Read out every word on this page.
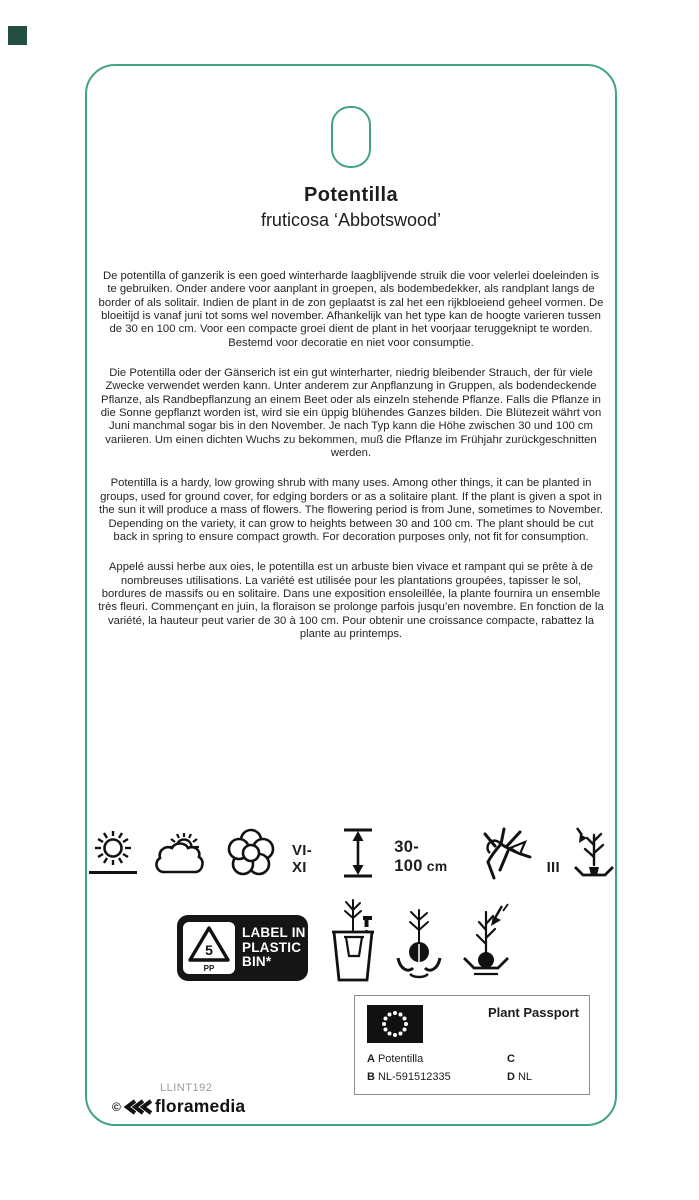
Potentilla
fruticosa ‘Abbotswood’

De potentilla of ganzerik is een goed winterharde laagblijvende struik die voor velerlei doeleinden is te gebruiken. Onder andere voor aanplant in groepen, als bodembedekker, als randplant langs de border of als solitair. Indien de plant in de zon geplaatst is zal het een rijkbloeiend geheel vormen. De bloeitijd is vanaf juni tot soms wel november. Afhankelijk van het type kan de hoogte varieren tussen de 30 en 100 cm. Voor een compacte groei dient de plant in het voorjaar teruggeknipt te worden. Bestemd voor decoratie en niet voor consumptie.

Die Potentilla oder der Gänserich ist ein gut winterharter, niedrig bleibender Strauch, der für viele Zwecke verwendet werden kann. Unter anderem zur Anpflanzung in Gruppen, als bodendeckende Pflanze, als Randbepflanzung an einem Beet oder als einzeln stehende Pflanze. Falls die Pflanze in die Sonne gepflanzt worden ist, wird sie ein üppig blühendes Ganzes bilden. Die Blütezeit währt von Juni manchmal sogar bis in den November. Je nach Typ kann die Höhe zwischen 30 und 100 cm variieren. Um einen dichten Wuchs zu bekommen, muß die Pflanze im Frühjahr zurückgeschnitten werden.

Potentilla is a hardy, low growing shrub with many uses. Among other things, it can be planted in groups, used for ground cover, for edging borders or as a solitaire plant. If the plant is given a spot in the sun it will produce a mass of flowers. The flowering period is from June, sometimes to November. Depending on the variety, it can grow to heights between 30 and 100 cm. The plant should be cut back in spring to ensure compact growth. For decoration purposes only, not fit for consumption.

Appelé aussi herbe aux oies, le potentilla est un arbuste bien vivace et rampant qui se prête à de nombreuses utilisations. La variété est utilisée pour les plantations groupées, tapisser le sol, bordures de massifs ou en solitaire. Dans une exposition ensoleillée, la plante fournira un ensemble très fleuri. Commençant en juin, la floraison se prolonge parfois jusqu’en novembre. En fonction de la variété, la hauteur peut varier de 30 à 100 cm. Pour obtenir une croissance compacte, rabattez la plante au printemps.

VI-XI
30-100 cm	III
5
PP
LABEL IN
PLASTIC
BIN*
Plant Passport
A Potentilla
B NL-591512335
C
D NL
LLINT192
© floramedia
